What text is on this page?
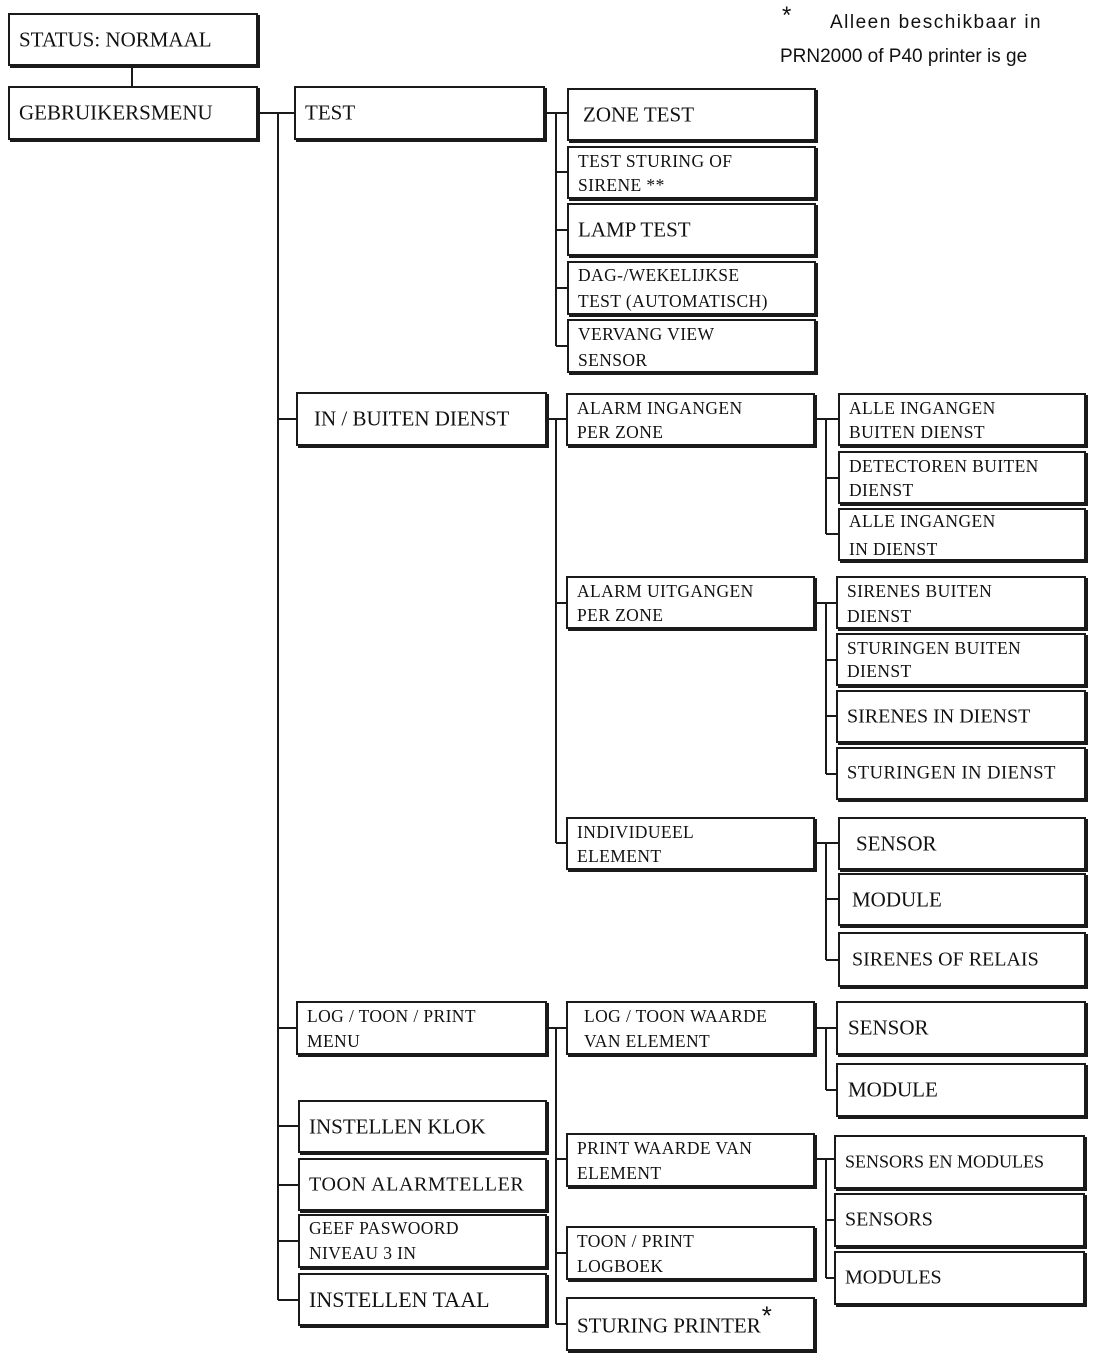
* Alleen beschikbaar in
PRN2000 of P40 printer is ge
STATUS: NORMAAL
GEBRUIKERSMENU	TEST
IN / BUITEN DIENST
LOG / TOON / PRINT
MENU
INSTELLEN KLOK
TOON ALARMTELLER
GEEF PASWOORD
NIVEAU 3 IN
INSTELLEN TAAL
ZONE TEST
TEST STURING OF
SIRENE **
LAMP TEST
DAG-/WEKELIJKSE
TEST (AUTOMATISCH)
VERVANG VIEW
SENSOR
ALARM INGANGEN
PER ZONE
ALARM UITGANGEN
PER ZONE
INDIVIDUEEL
ELEMENT
ALLE INGANGEN
BUITEN DIENST
DETECTOREN BUITEN
DIENST
ALLE INGANGEN
IN DIENST
SIRENES BUITEN
DIENST
STURINGEN BUITEN
DIENST
SIRENES IN DIENST
STURINGEN IN DIENST
SENSOR
MODULE
SIRENES OF RELAIS
LOG / TOON WAARDE
VAN ELEMENT
PRINT WAARDE VAN
ELEMENT
TOON / PRINT
LOGBOEK
STURING PRINTER*
SENSOR
MODULE
SENSORS EN MODULES
SENSORS
MODULES
